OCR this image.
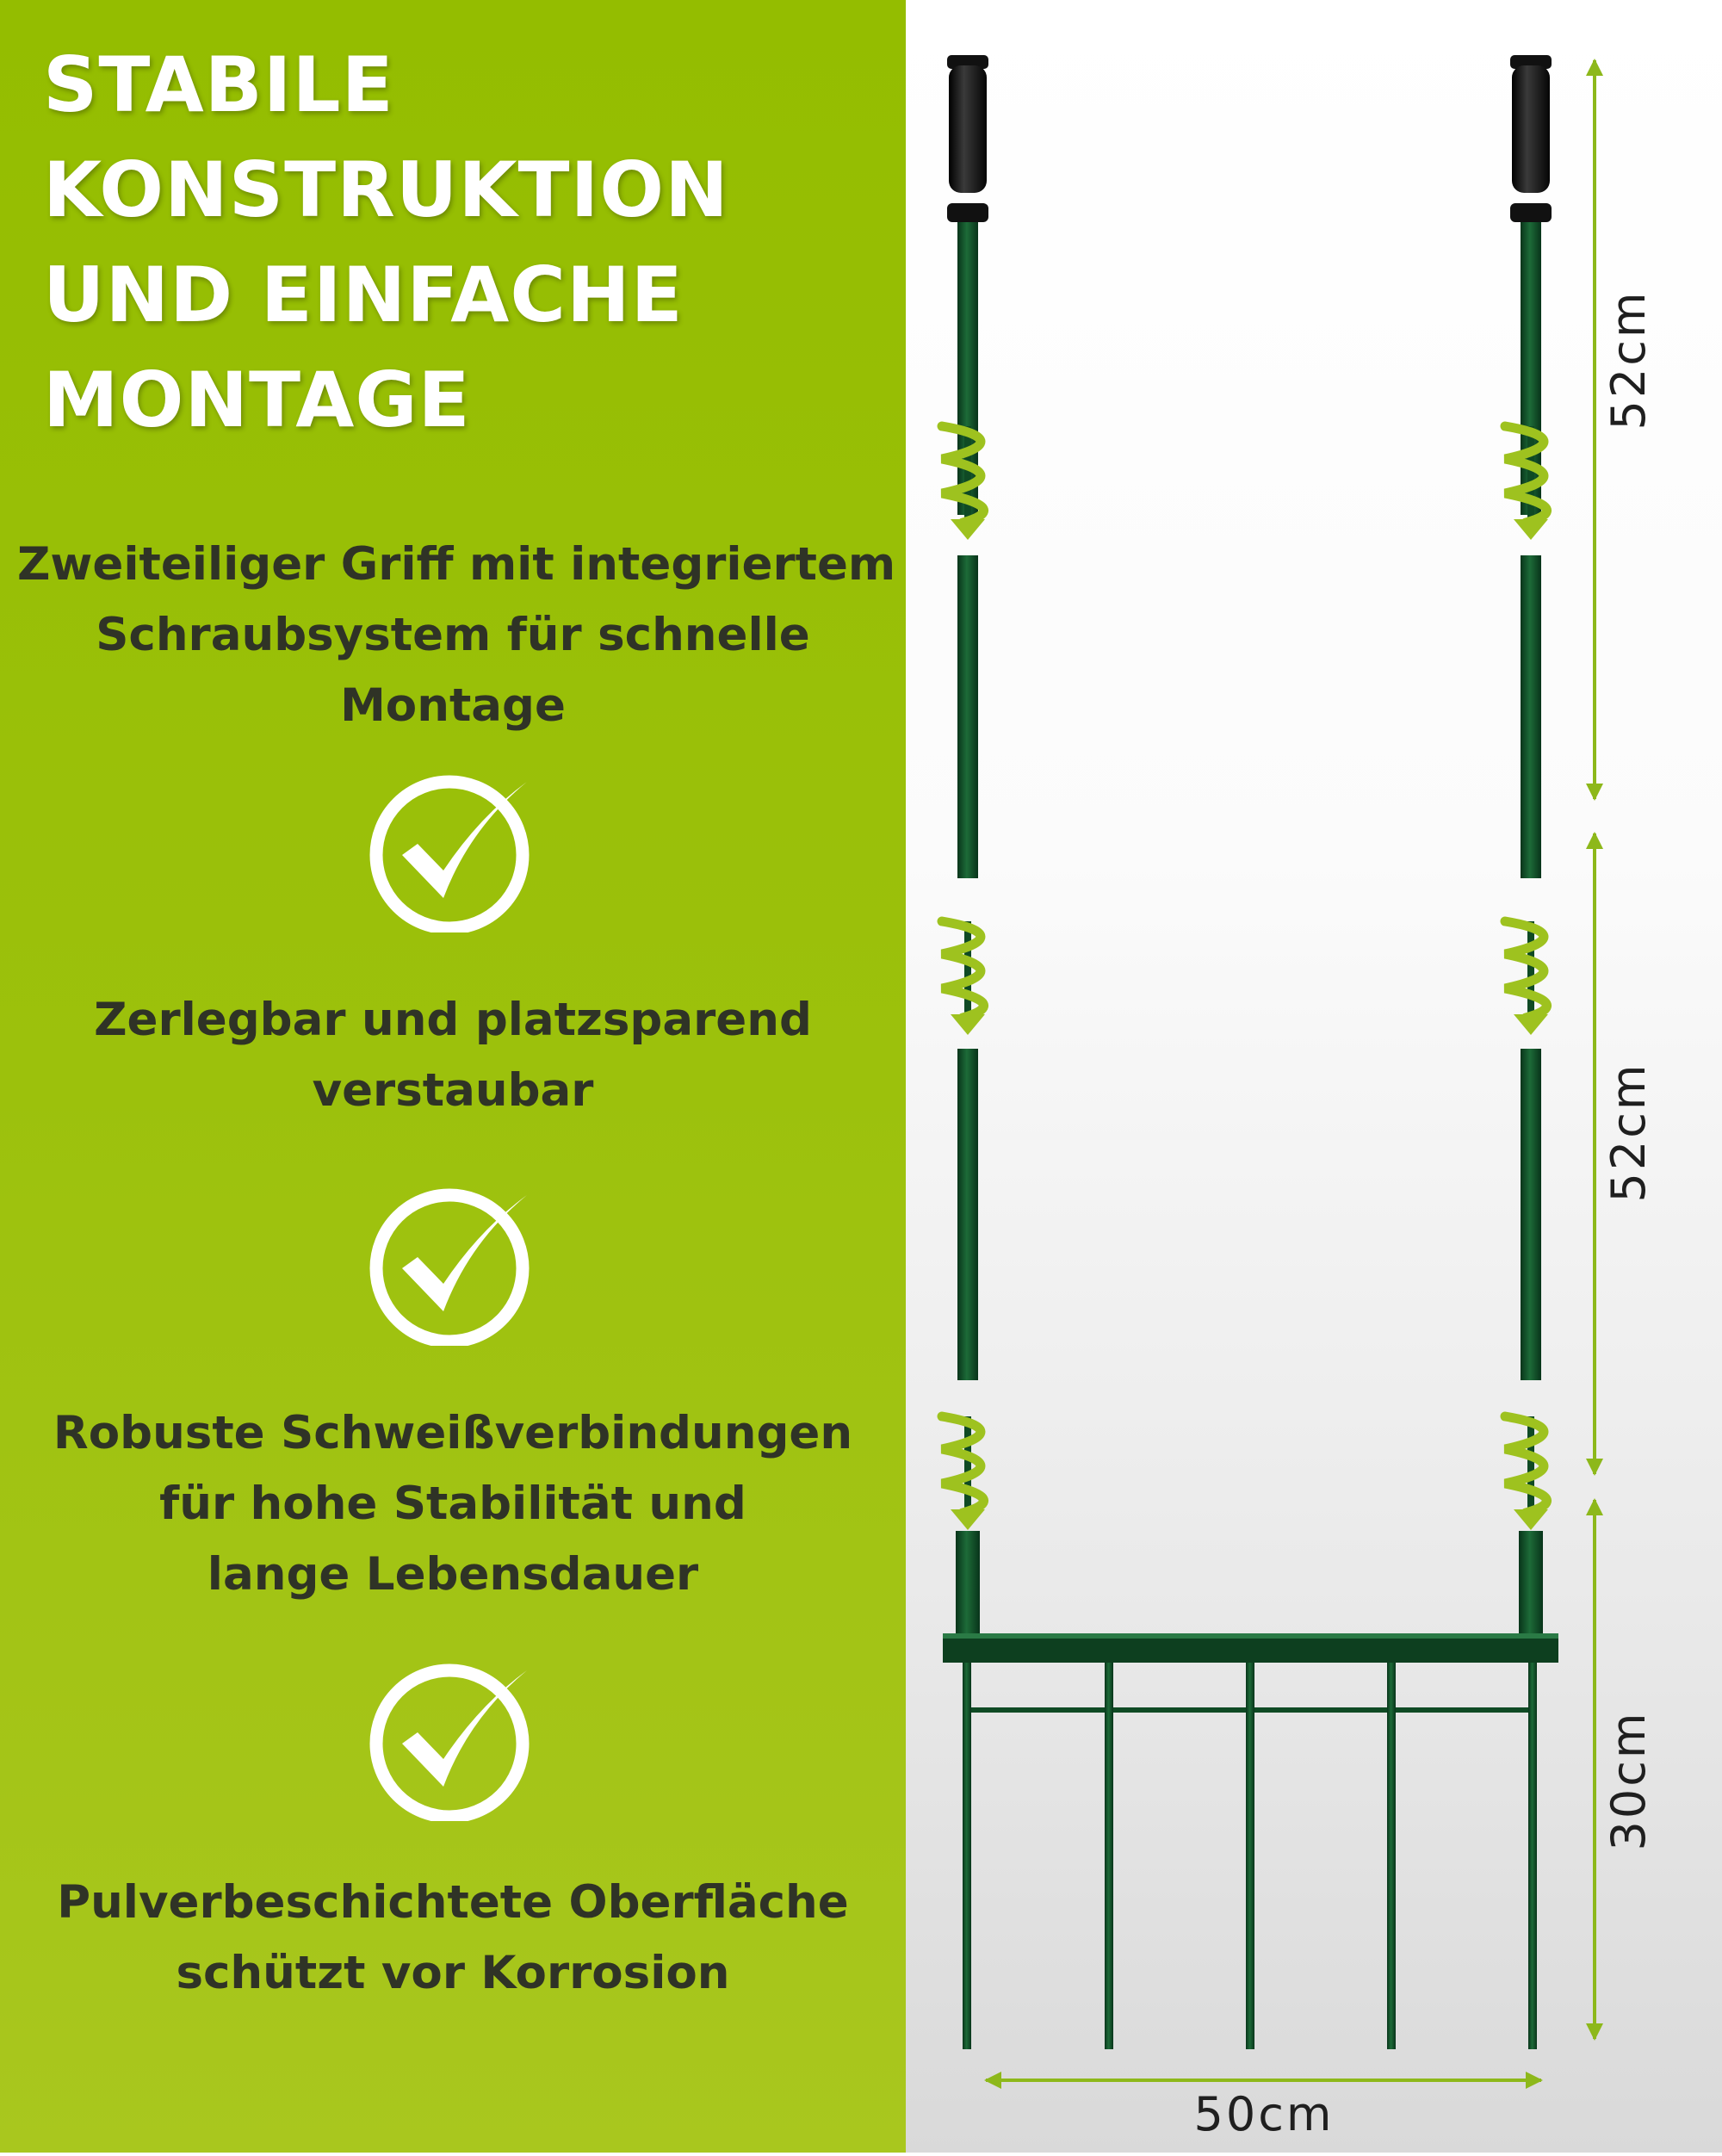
STABILE
KONSTRUKTION
UND EINFACHE
MONTAGE
Zweiteiliger Griff mit integriertem
Schraubsystem für schnelle
Montage
Zerlegbar und platzsparend
verstaubar
Robuste Schweißverbindungen
für hohe Stabilität und
lange Lebensdauer
Pulverbeschichtete Oberfläche
schützt vor Korrosion
52cm
52cm
30cm
50cm
